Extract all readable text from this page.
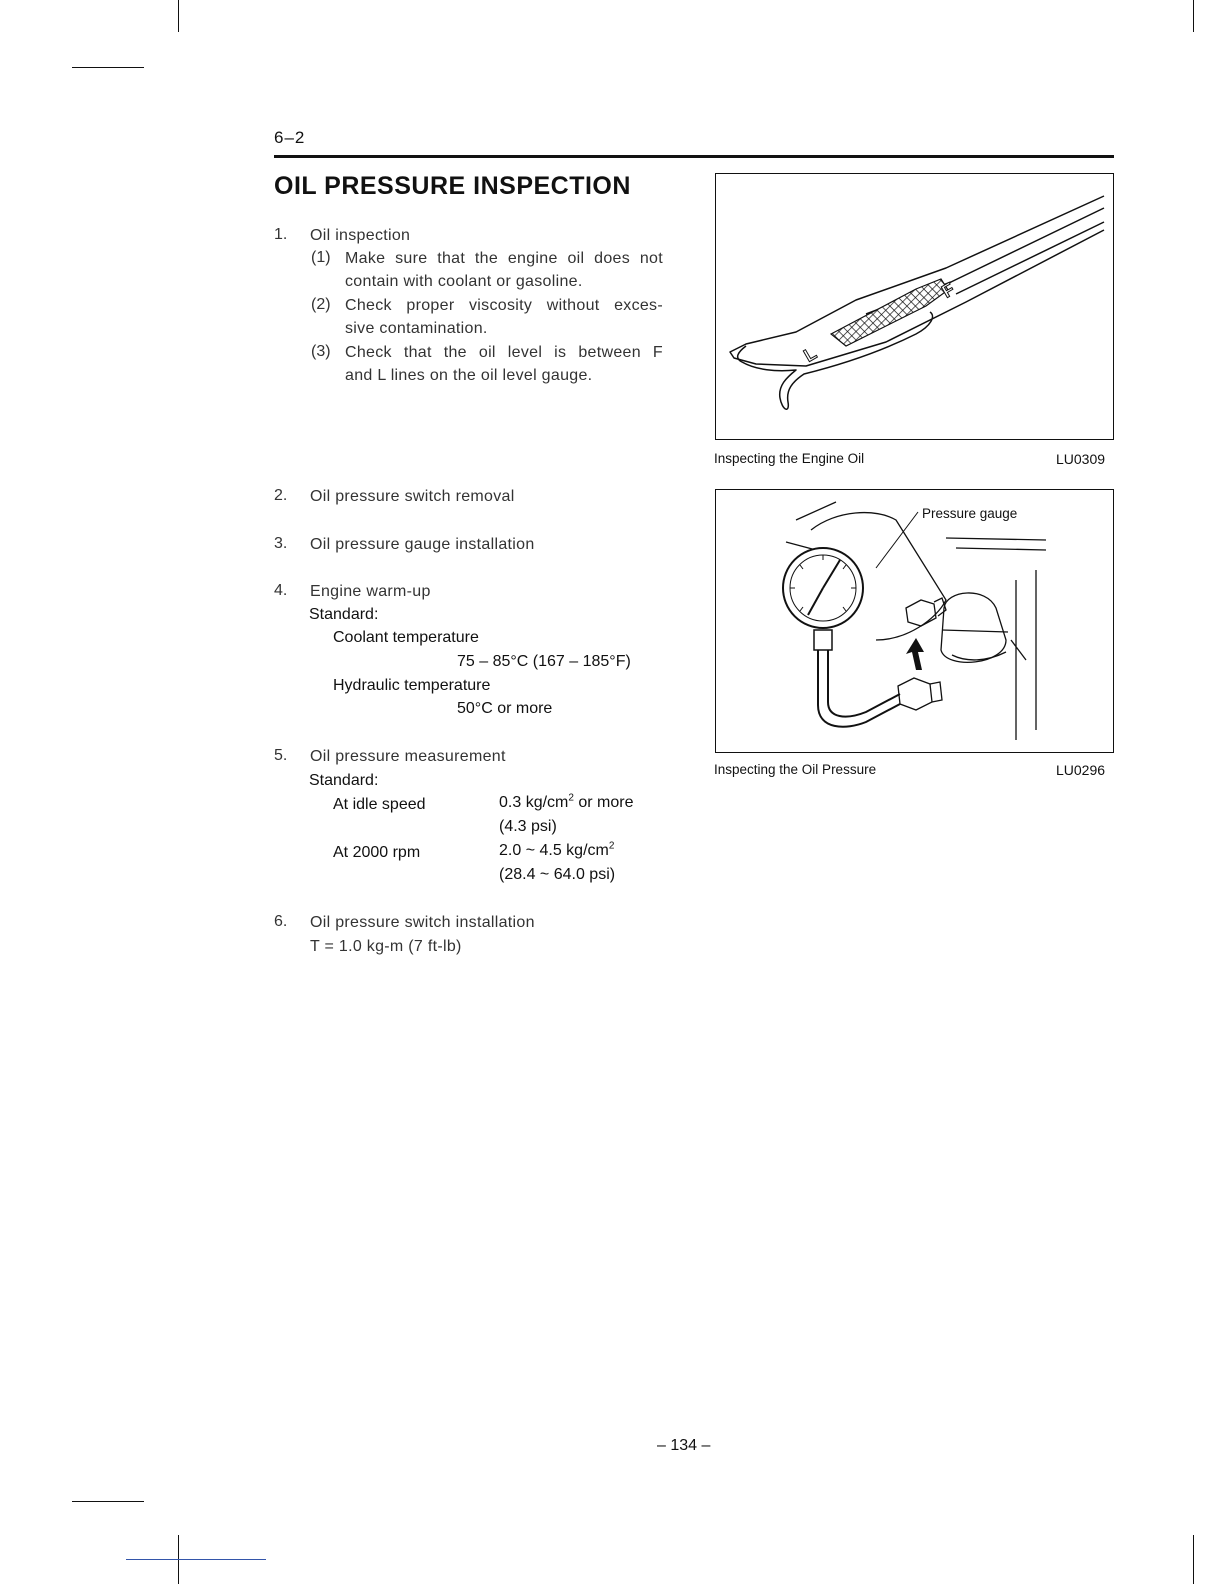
6–2
OIL PRESSURE INSPECTION
1. Oil inspection
(1) Make sure that the engine oil does not
contain with coolant or gasoline.
(2) Check proper viscosity without exces-
sive contamination.
(3) Check that the oil level is between F
and L lines on the oil level gauge.
2. Oil pressure switch removal
3. Oil pressure gauge installation
4. Engine warm-up
Standard:
Coolant temperature
75 – 85°C (167 – 185°F)
Hydraulic temperature
50°C or more
5. Oil pressure measurement
Standard:
At idle speed	0.3 $kg/cm^2$ or more
(4.3 psi)
At 2000 rpm	2.0 ~ 4.5 $kg/cm^2$
(28.4 ~ 64.0 psi)
6. Oil pressure switch installation
T = 1.0 kg-m (7 ft-lb)
L
F
Inspecting the Engine Oil	LU0309
Pressure gauge
Inspecting the Oil Pressure	LU0296
– 134 –
